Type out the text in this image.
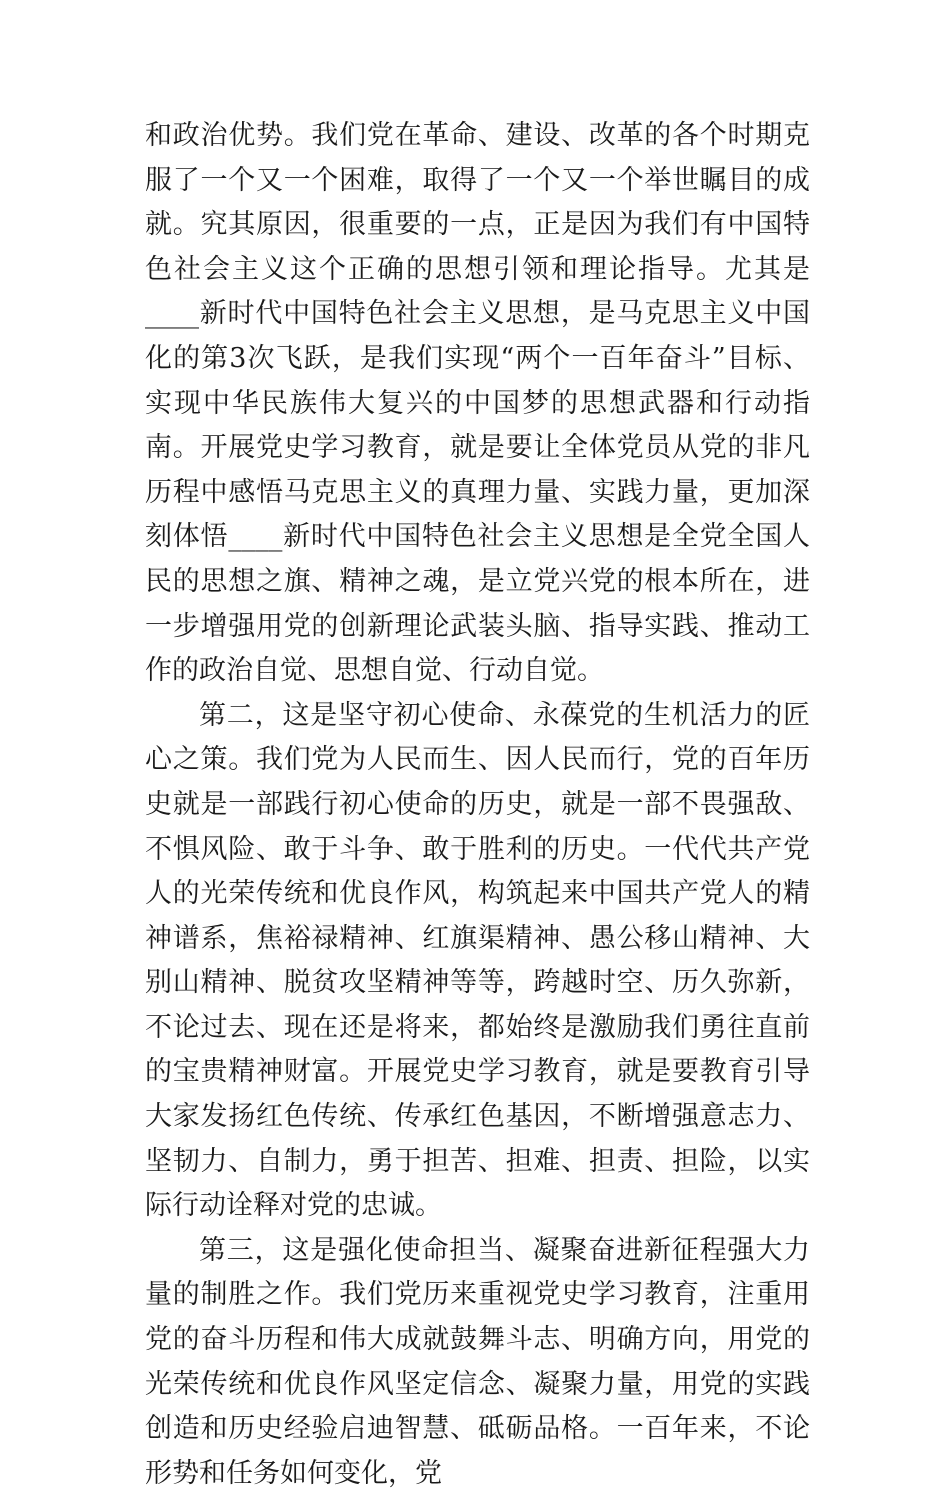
和政治优势。我们党在革命、建设、改革的各个时期克服了一个又一个困难，取得了一个又一个举世瞩目的成就。究其原因，很重要的一点，正是因为我们有中国特色社会主义这个正确的思想引领和理论指导。尤其是____新时代中国特色社会主义思想，是马克思主义中国化的第3次飞跃，是我们实现“两个一百年奋斗”目标、实现中华民族伟大复兴的中国梦的思想武器和行动指南。开展党史学习教育，就是要让全体党员从党的非凡历程中感悟马克思主义的真理力量、实践力量，更加深刻体悟____新时代中国特色社会主义思想是全党全国人民的思想之旗、精神之魂，是立党兴党的根本所在，进一步增强用党的创新理论武装头脑、指导实践、推动工作的政治自觉、思想自觉、行动自觉。

第二，这是坚守初心使命、永葆党的生机活力的匠心之策。我们党为人民而生、因人民而行，党的百年历史就是一部践行初心使命的历史，就是一部不畏强敌、不惧风险、敢于斗争、敢于胜利的历史。一代代共产党人的光荣传统和优良作风，构筑起来中国共产党人的精神谱系，焦裕禄精神、红旗渠精神、愚公移山精神、大别山精神、脱贫攻坚精神等等，跨越时空、历久弥新，不论过去、现在还是将来，都始终是激励我们勇往直前的宝贵精神财富。开展党史学习教育，就是要教育引导大家发扬红色传统、传承红色基因，不断增强意志力、坚韧力、自制力，勇于担苦、担难、担责、担险，以实际行动诠释对党的忠诚。

第三，这是强化使命担当、凝聚奋进新征程强大力量的制胜之作。我们党历来重视党史学习教育，注重用党的奋斗历程和伟大成就鼓舞斗志、明确方向，用党的光荣传统和优良作风坚定信念、凝聚力量，用党的实践创造和历史经验启迪智慧、砥砺品格。一百年来，不论形势和任务如何变化，党
